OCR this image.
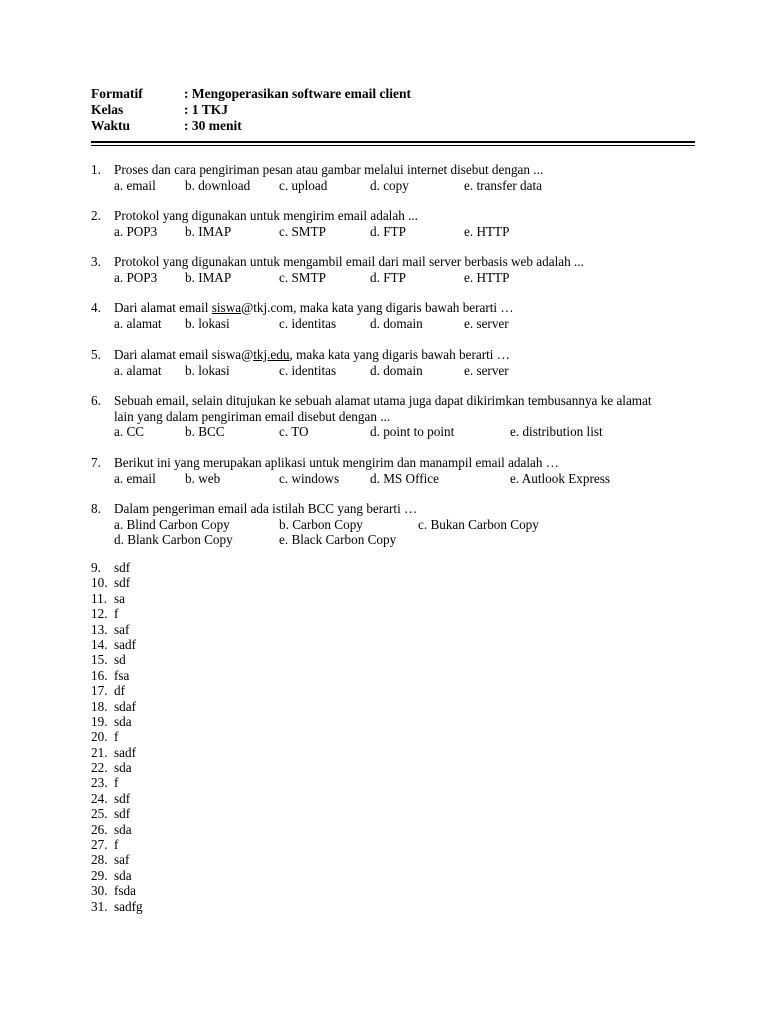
Formatif	: Mengoperasikan software email client
Kelas	: 1 TKJ
Waktu	: 30 menit
1. Proses dan cara pengiriman pesan atau gambar melalui internet disebut dengan ...
a. email b. download c. upload	d. copy	e. transfer data
2. Protokol yang digunakan untuk mengirim email adalah ...
a. POP3 b. IMAP	c. SMTP	d. FTP	e. HTTP
3. Protokol yang digunakan untuk mengambil email dari mail server berbasis web adalah ...
a. POP3 b. IMAP	c. SMTP	d. FTP	e. HTTP
4. Dari alamat email siswa@tkj.com, maka kata yang digaris bawah berarti …
a. alamat b. lokasi	c. identitas	d. domain	e. server
5. Dari alamat email siswa@tkj.edu, maka kata yang digaris bawah berarti …
a. alamat b. lokasi	c. identitas	d. domain	e. server
6. Sebuah email, selain ditujukan ke sebuah alamat utama juga dapat dikirimkan tembusannya ke alamat
lain yang dalam pengiriman email disebut dengan ...
a. CC	b. BCC	c. TO	d. point to point	e. distribution list
7. Berikut ini yang merupakan aplikasi untuk mengirim dan manampil email adalah …
a. email b. web	c. windows d. MS Office	e. Autlook Express
8. Dalam pengeriman email ada istilah BCC yang berarti …
a. Blind Carbon Copy	b. Carbon Copy	c. Bukan Carbon Copy
d. Blank Carbon Copy	e. Black Carbon Copy
9. sdf
10. sdf
11. sa
12. f
13. saf
14. sadf
15. sd
16. fsa
17. df
18. sdaf
19. sda
20. f
21. sadf
22. sda
23. f
24. sdf
25. sdf
26. sda
27. f
28. saf
29. sda
30. fsda
31. sadfg
